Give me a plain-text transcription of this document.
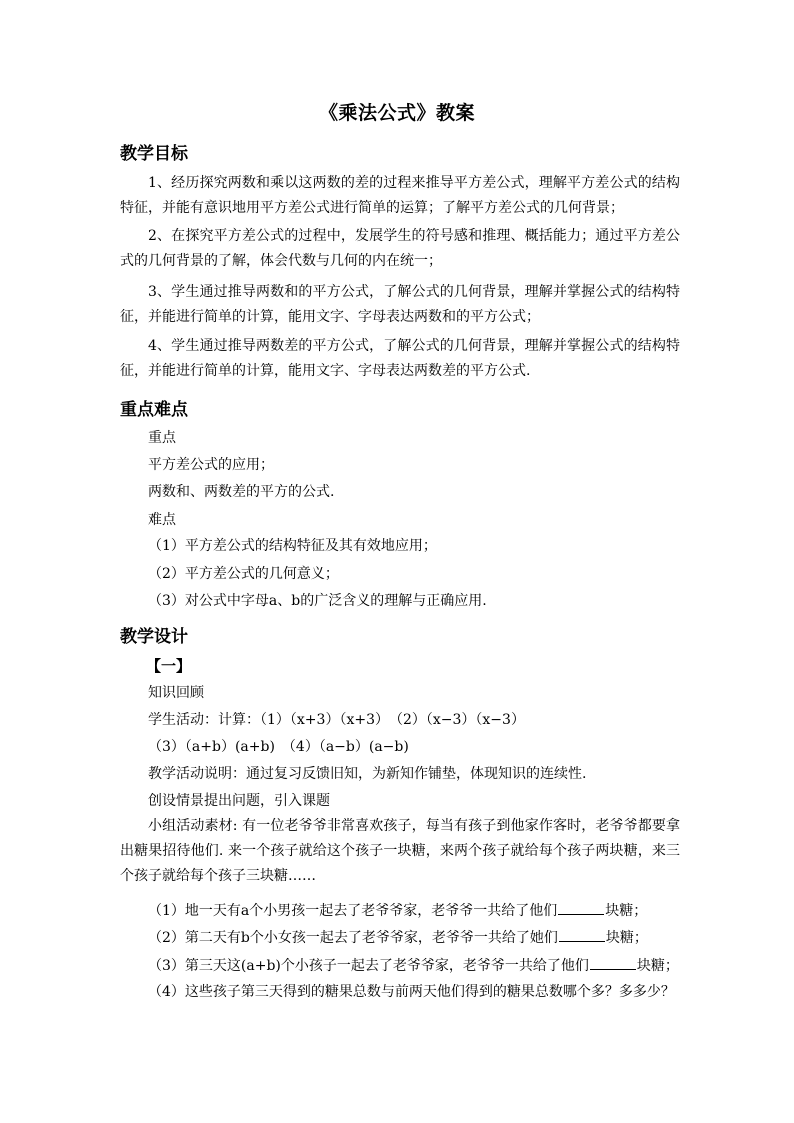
《乘法公式》教案
教学目标
1、经历探究两数和乘以这两数的差的过程来推导平方差公式，理解平方差公式的结构特征，并能有意识地用平方差公式进行简单的运算；了解平方差公式的几何背景；
2、在探究平方差公式的过程中，发展学生的符号感和推理、概括能力；通过平方差公式的几何背景的了解，体会代数与几何的内在统一；
3、学生通过推导两数和的平方公式，了解公式的几何背景，理解并掌握公式的结构特征，并能进行简单的计算，能用文字、字母表达两数和的平方公式；
4、学生通过推导两数差的平方公式，了解公式的几何背景，理解并掌握公式的结构特征，并能进行简单的计算，能用文字、字母表达两数差的平方公式.
重点难点
重点
平方差公式的应用；
两数和、两数差的平方的公式.
难点
（1）平方差公式的结构特征及其有效地应用；
（2）平方差公式的几何意义；
（3）对公式中字母a、b的广泛含义的理解与正确应用.
教学设计
【一】
知识回顾
学生活动：计算：（1）（x+3）（x+3）　（2）（x−3）（x−3）
（3）（a+b）(a+b)　（4）（a−b）(a−b)
教学活动说明：通过复习反馈旧知，为新知作铺垫，体现知识的连续性.
创设情景提出问题，引入课题
小组活动素材: 有一位老爷爷非常喜欢孩子，每当有孩子到他家作客时，老爷爷都要拿出糖果招待他们. 来一个孩子就给这个孩子一块糖，来两个孩子就给每个孩子两块糖，来三个孩子就给每个孩子三块糖……
（1）地一天有a个小男孩一起去了老爷爷家，老爷爷一共给了他们	块糖；
（2）第二天有b个小女孩一起去了老爷爷家，老爷爷一共给了她们	块糖；
（3）第三天这(a+b)个小孩子一起去了老爷爷家，老爷爷一共给了他们	块糖；
（4）这些孩子第三天得到的糖果总数与前两天他们得到的糖果总数哪个多？多多少？
